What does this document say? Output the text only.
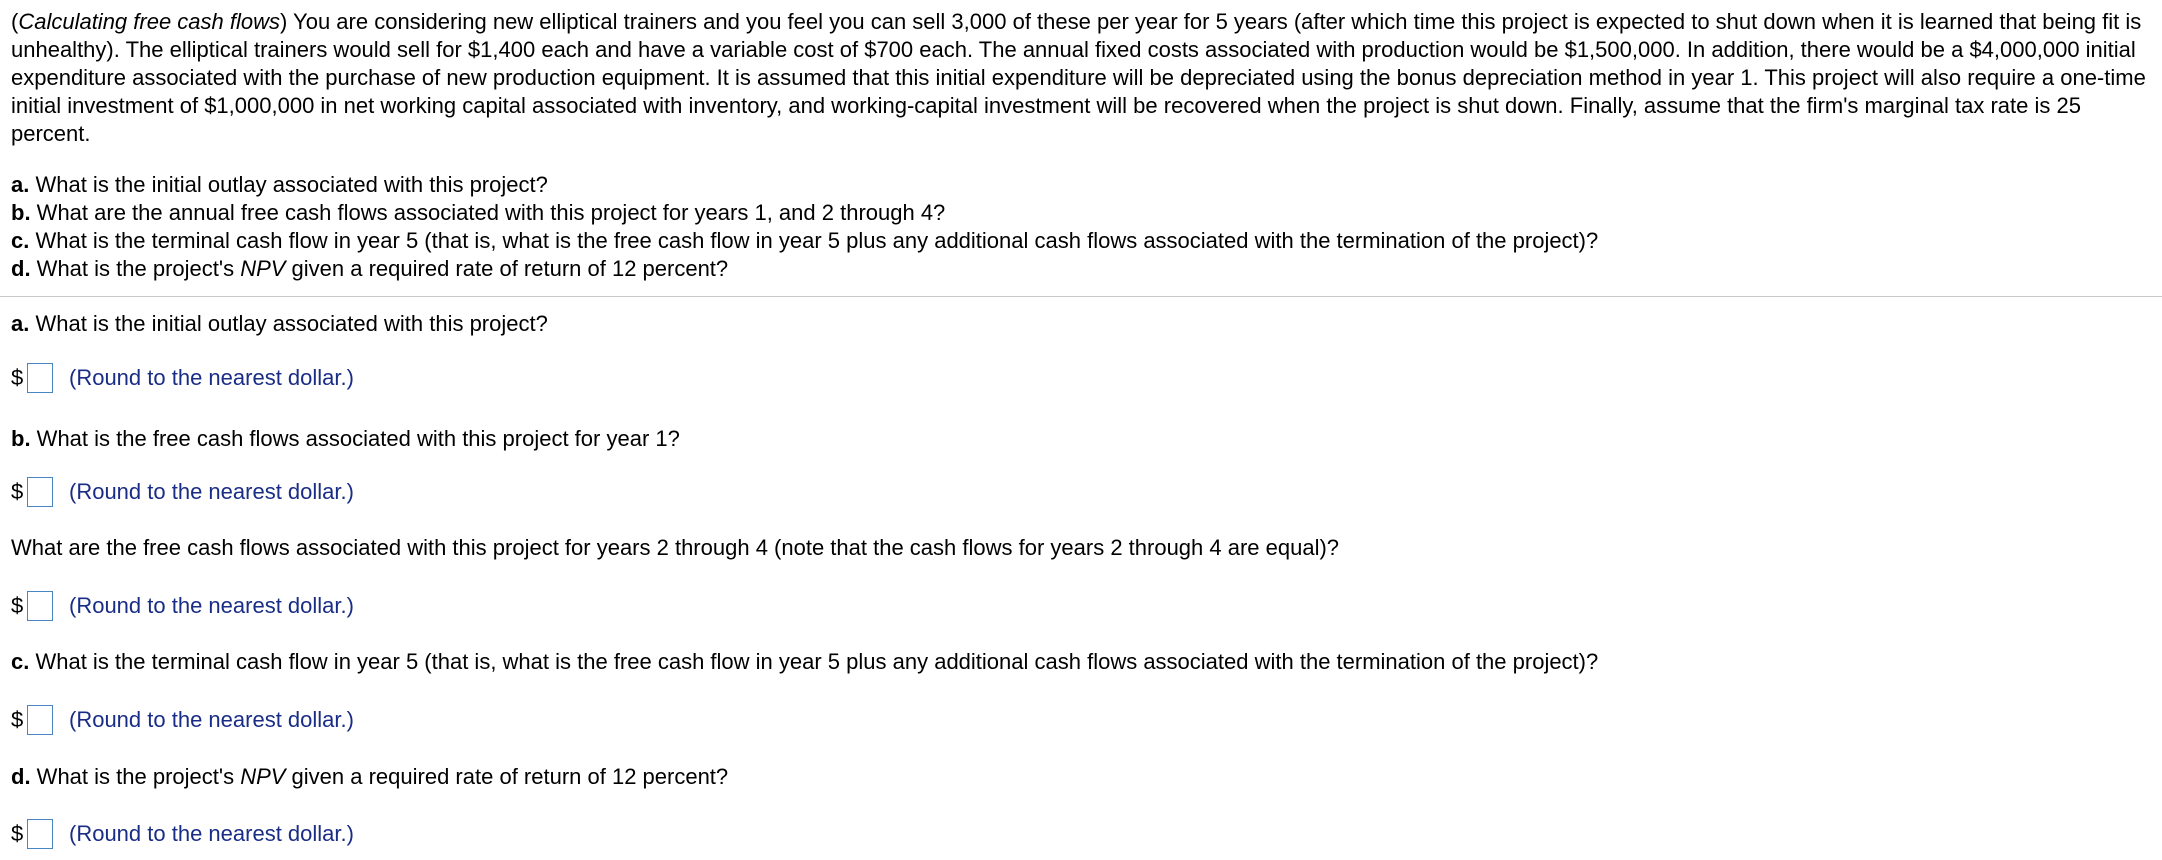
(Calculating free cash flows) You are considering new elliptical trainers and you feel you can sell 3,000 of these per year for 5 years (after which time this project is expected to shut down when it is learned that being fit is unhealthy). The elliptical trainers would sell for $1,400 each and have a variable cost of $700 each. The annual fixed costs associated with production would be $1,500,000. In addition, there would be a $4,000,000 initial expenditure associated with the purchase of new production equipment. It is assumed that this initial expenditure will be depreciated using the bonus depreciation method in year 1. This project will also require a one-time initial investment of $1,000,000 in net working capital associated with inventory, and working-capital investment will be recovered when the project is shut down. Finally, assume that the firm's marginal tax rate is 25 percent.

a. What is the initial outlay associated with this project?
b. What are the annual free cash flows associated with this project for years 1, and 2 through 4?
c. What is the terminal cash flow in year 5 (that is, what is the free cash flow in year 5 plus any additional cash flows associated with the termination of the project)?
d. What is the project's NPV given a required rate of return of 12 percent?
a. What is the initial outlay associated with this project?
$ (Round to the nearest dollar.)
b. What is the free cash flows associated with this project for year 1?
$ (Round to the nearest dollar.)
What are the free cash flows associated with this project for years 2 through 4 (note that the cash flows for years 2 through 4 are equal)?
$ (Round to the nearest dollar.)
c. What is the terminal cash flow in year 5 (that is, what is the free cash flow in year 5 plus any additional cash flows associated with the termination of the project)?
$ (Round to the nearest dollar.)
d. What is the project's NPV given a required rate of return of 12 percent?
$ (Round to the nearest dollar.)
